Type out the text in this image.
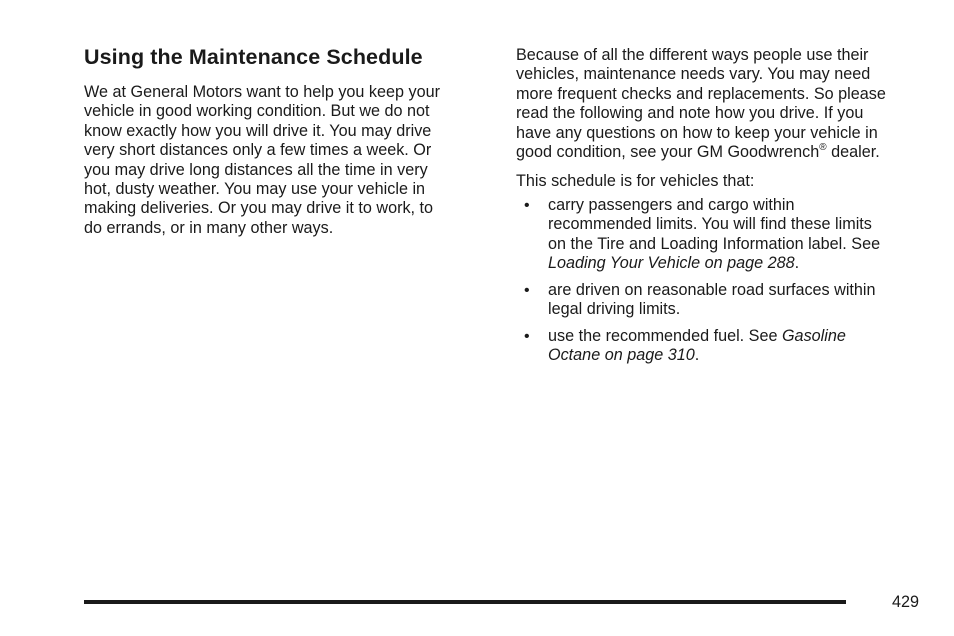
Using the Maintenance Schedule

We at General Motors want to help you keep your
vehicle in good working condition. But we do not
know exactly how you will drive it. You may drive
very short distances only a few times a week. Or
you may drive long distances all the time in very
hot, dusty weather. You may use your vehicle in
making deliveries. Or you may drive it to work, to
do errands, or in many other ways.

Because of all the different ways people use their
vehicles, maintenance needs vary. You may need
more frequent checks and replacements. So please
read the following and note how you drive. If you
have any questions on how to keep your vehicle in
good condition, see your GM Goodwrench® dealer.

This schedule is for vehicles that:

• carry passengers and cargo within
recommended limits. You will find these limits
on the Tire and Loading Information label. See
Loading Your Vehicle on page 288.
• are driven on reasonable road surfaces within
legal driving limits.
• use the recommended fuel. See Gasoline
Octane on page 310.
429
